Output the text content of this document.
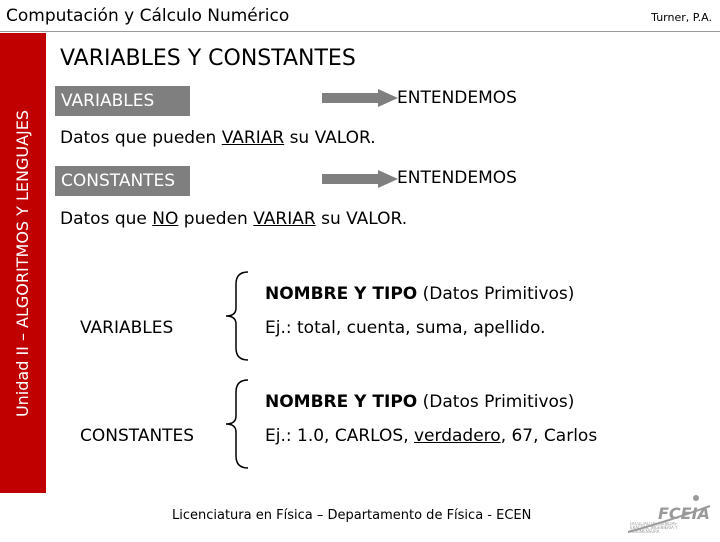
Computación y Cálculo Numérico	Turner, P.A.
Unidad II – ALGORITMOS Y LENGUAJES
VARIABLES Y CONSTANTES
VARIABLES	ENTENDEMOS
Datos que pueden VARIAR su VALOR.
CONSTANTES	ENTENDEMOS
Datos que NO pueden VARIAR su VALOR.
VARIABLES
NOMBRE Y TIPO (Datos Primitivos)
Ej.: total, cuenta, suma, apellido.
CONSTANTES
NOMBRE Y TIPO (Datos Primitivos)
Ej.: 1.0, CARLOS, verdadero, 67, Carlos
Licenciatura en Física – Departamento de Física - ECEN	FCEIA
FACULTAD DE CIENCIAS EXACTAS, INGENIERÍA Y AGRIMENSURA
